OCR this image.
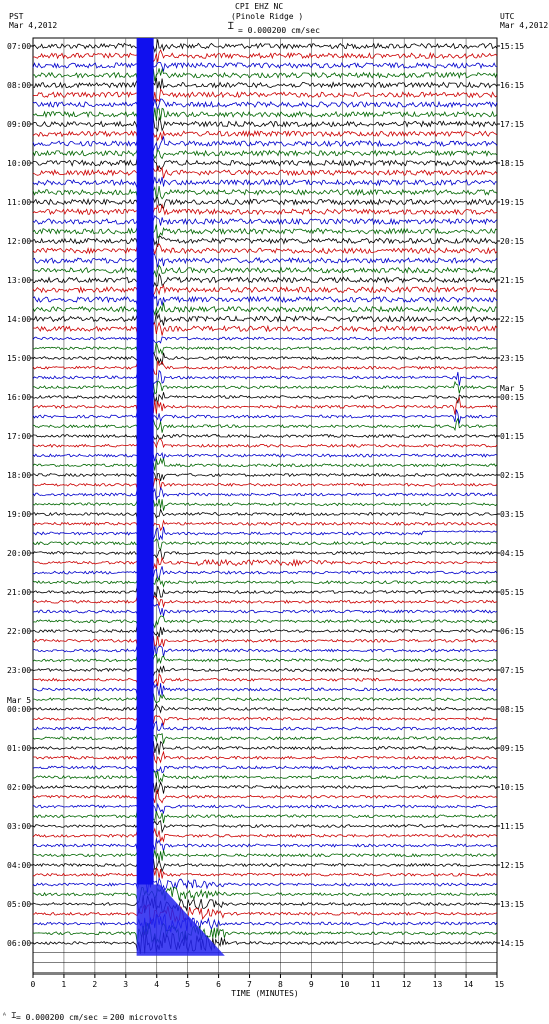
PST
Mar 4,2012
CPI EHZ NC
(Pinole Ridge )
Ɪ = 0.000200 cm/sec
UTC
Mar 4,2012
07:00
08:00
09:00
10:00
11:00
12:00
13:00
14:00
15:00
16:00
17:00
18:00
19:00
20:00
21:00
22:00
23:00
00:00
Mar 5
01:00
02:00
03:00
04:00
05:00
06:00
15:15
16:15
17:15
18:15
19:15
20:15
21:15
22:15
23:15
00:15
Mar 5
01:15
02:15
03:15
04:15
05:15
06:15
07:15
08:15
09:15
10:15
11:15
12:15
13:15
14:15
0	1	2	3	4	5	6	7	8	9	10	11	12	13	14	15
TIME (MINUTES)
ᴬ Ɪ = 0.000200 cm/sec = 200 microvolts
